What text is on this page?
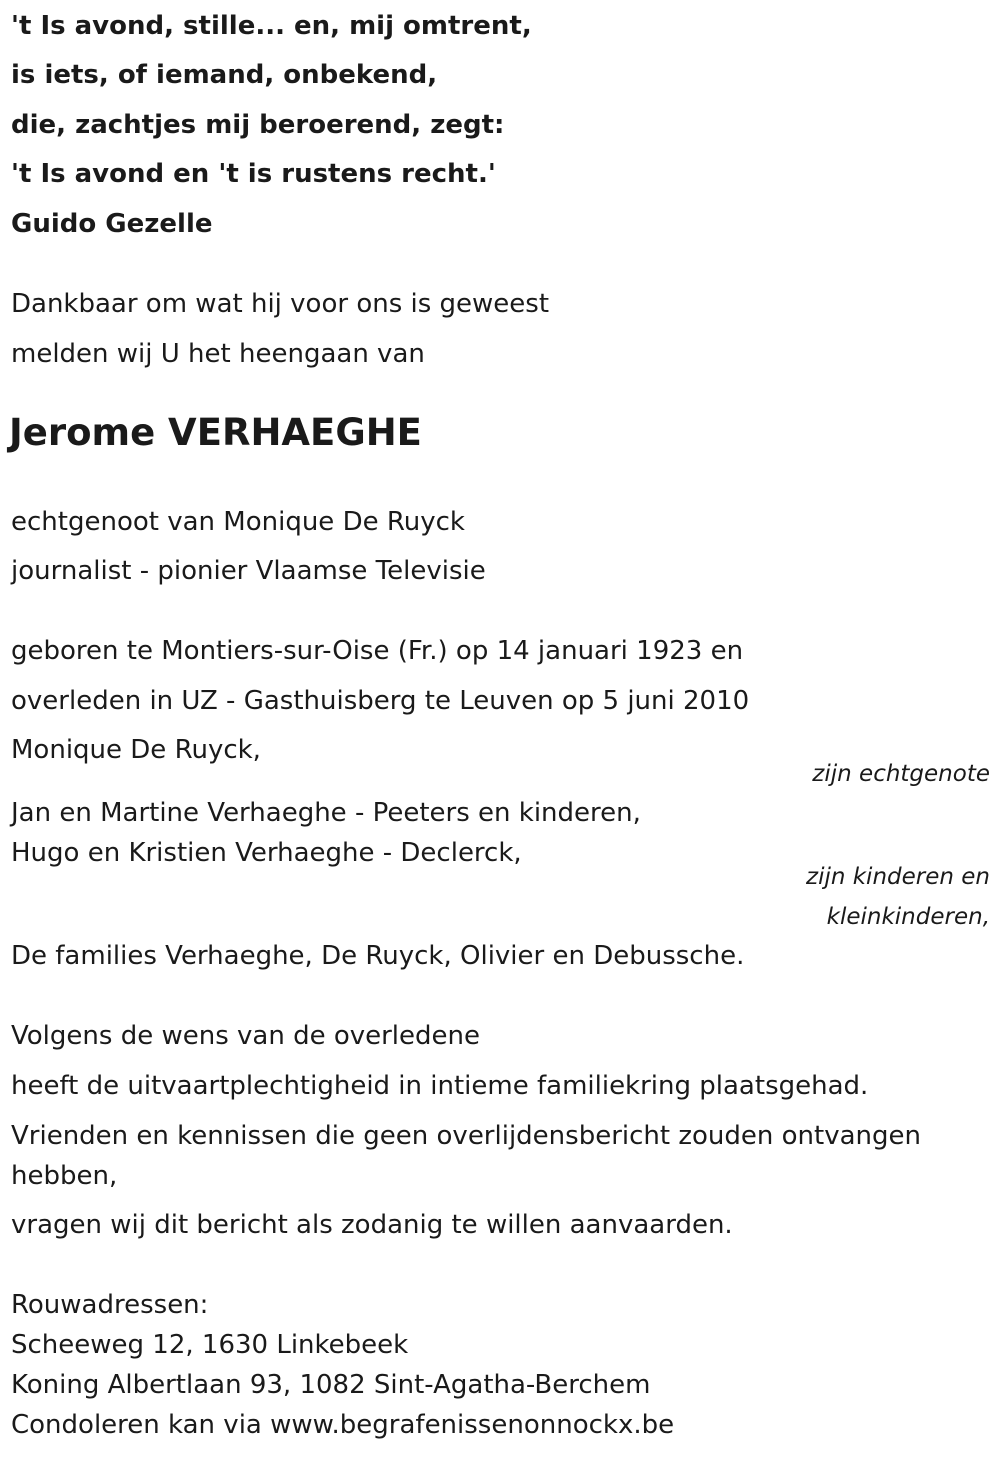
't Is avond, stille... en, mij omtrent,

is iets, of iemand, onbekend,

die, zachtjes mij beroerend, zegt:

't Is avond en 't is rustens recht.'

Guido Gezelle

Dankbaar om wat hij voor ons is geweest

melden wij U het heengaan van

Jerome VERHAEGHE

echtgenoot van Monique De Ruyck

journalist - pionier Vlaamse Televisie

geboren te Montiers-sur-Oise (Fr.) op 14 januari 1923 en

overleden in UZ - Gasthuisberg te Leuven op 5 juni 2010

Monique De Ruyck,

zijn echtgenote

Jan en Martine Verhaeghe - Peeters en kinderen,

Hugo en Kristien Verhaeghe - Declerck,

zijn kinderen en

kleinkinderen,

De families Verhaeghe, De Ruyck, Olivier en Debussche.

Volgens de wens van de overledene

heeft de uitvaartplechtigheid in intieme familiekring plaatsgehad.

Vrienden en kennissen die geen overlijdensbericht zouden ontvangen

hebben,

vragen wij dit bericht als zodanig te willen aanvaarden.

Rouwadressen:

Scheeweg 12, 1630 Linkebeek

Koning Albertlaan 93, 1082 Sint-Agatha-Berchem

Condoleren kan via www.begrafenissenonnockx.be
